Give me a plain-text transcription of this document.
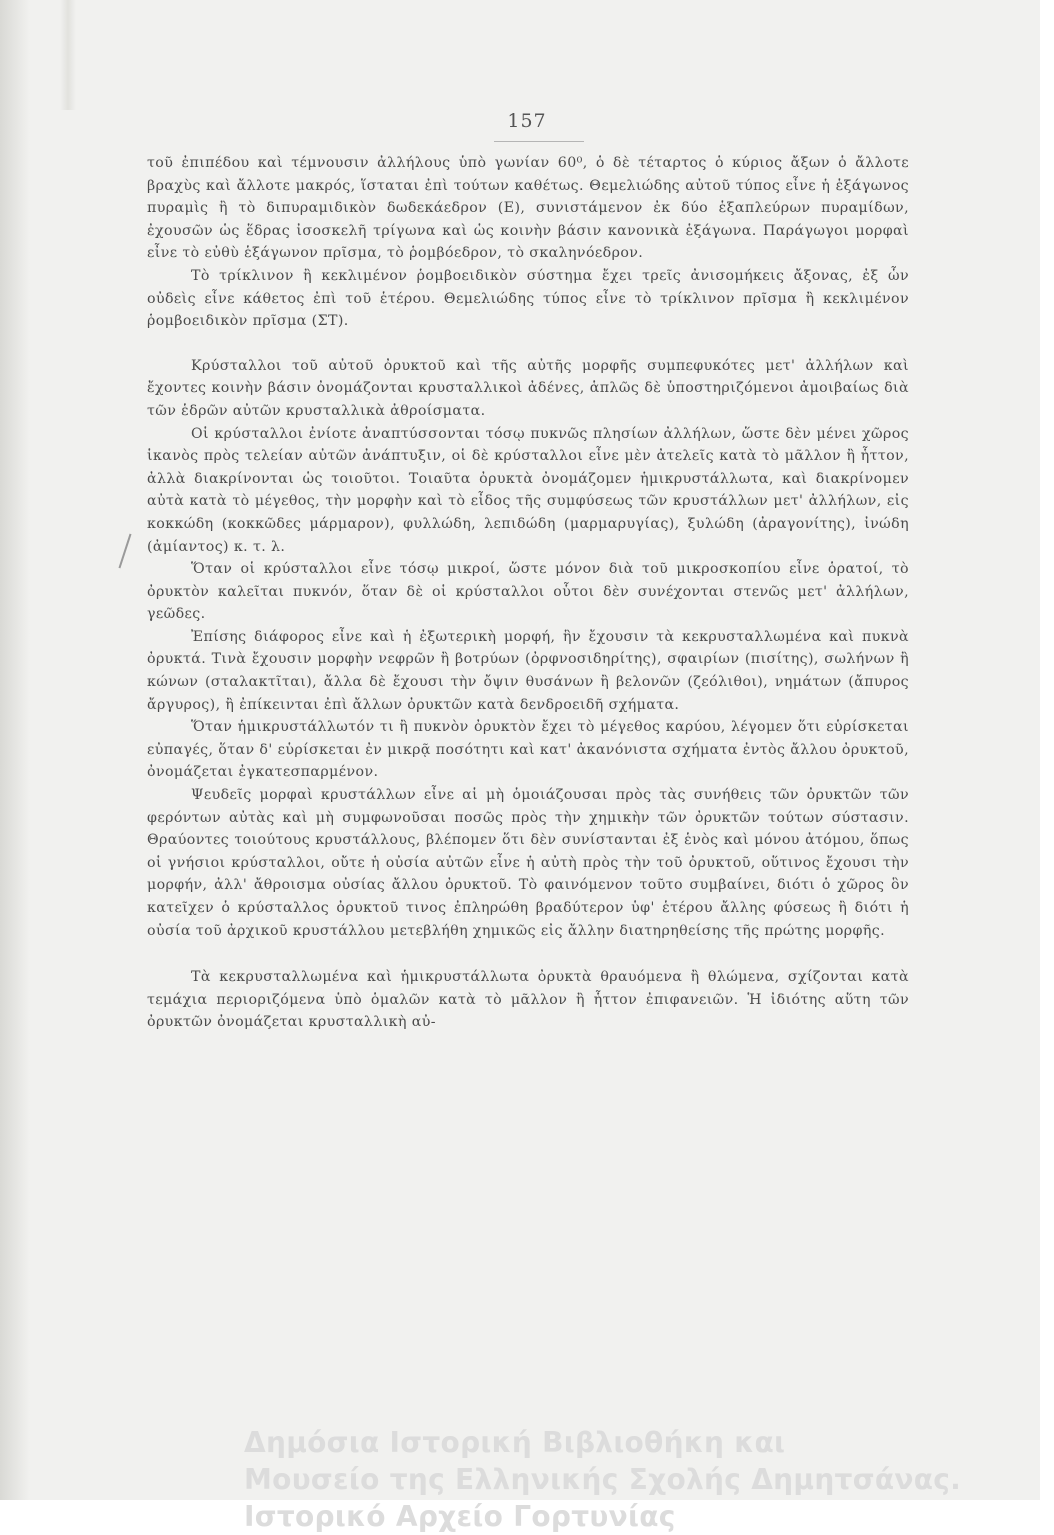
157

τοῦ ἐπιπέδου καὶ τέμνουσιν ἀλλήλους ὑπὸ γωνίαν 60⁰, ὁ δὲ τέταρτος ὁ κύριος ἄξων ὁ ἄλλοτε βραχὺς καὶ ἄλλοτε μακρός, ἵσταται ἐπὶ τούτων καθέτως. Θεμελιώδης αὐτοῦ τύπος εἶνε ἡ ἑξάγωνος πυραμὶς ἢ τὸ διπυραμιδικὸν δωδεκάεδρον (Ε), συνιστάμενον ἐκ δύο ἑξαπλεύρων πυραμίδων, ἐχουσῶν ὡς ἕδρας ἰσοσκελῆ τρίγωνα καὶ ὡς κοινὴν βάσιν κανονικὰ ἑξάγωνα. Παράγωγοι μορφαὶ εἶνε τὸ εὐθὺ ἑξάγωνον πρῖσμα, τὸ ῥομβόεδρον, τὸ σκαληνόεδρον.

Τὸ τρίκλινον ἢ κεκλιμένον ῥομβοειδικὸν σύστημα ἔχει τρεῖς ἀνισομήκεις ἄξονας, ἐξ ὧν οὐδεὶς εἶνε κάθετος ἐπὶ τοῦ ἑτέρου. Θεμελιώδης τύπος εἶνε τὸ τρίκλινον πρῖσμα ἢ κεκλιμένον ῥομβοειδικὸν πρῖσμα (ΣΤ).

Κρύσταλλοι τοῦ αὐτοῦ ὀρυκτοῦ καὶ τῆς αὐτῆς μορφῆς συμπεφυκότες μετ' ἀλλήλων καὶ ἔχοντες κοινὴν βάσιν ὀνομάζονται κρυσταλλικοὶ ἀδένες, ἁπλῶς δὲ ὑποστηριζόμενοι ἀμοιβαίως διὰ τῶν ἑδρῶν αὐτῶν κρυσταλλικὰ ἀθροίσματα.

Οἱ κρύσταλλοι ἐνίοτε ἀναπτύσσονται τόσῳ πυκνῶς πλησίων ἀλλήλων, ὥστε δὲν μένει χῶρος ἱκανὸς πρὸς τελείαν αὐτῶν ἀνάπτυξιν, οἱ δὲ κρύσταλλοι εἶνε μὲν ἀτελεῖς κατὰ τὸ μᾶλλον ἢ ἧττον, ἀλλὰ διακρίνονται ὡς τοιοῦτοι. Τοιαῦτα ὀρυκτὰ ὀνομάζομεν ἡμικρυστάλλωτα, καὶ διακρίνομεν αὐτὰ κατὰ τὸ μέγεθος, τὴν μορφὴν καὶ τὸ εἶδος τῆς συμφύσεως τῶν κρυστάλλων μετ' ἀλλήλων, εἰς κοκκώδη (κοκκῶδες μάρμαρον), φυλλώδη, λεπιδώδη (μαρμαρυγίας), ξυλώδη (ἀραγονίτης), ἰνώδη (ἀμίαντος) κ. τ. λ.

Ὅταν οἱ κρύσταλλοι εἶνε τόσῳ μικροί, ὥστε μόνον διὰ τοῦ μικροσκοπίου εἶνε ὁρατοί, τὸ ὀρυκτὸν καλεῖται πυκνόν, ὅταν δὲ οἱ κρύσταλλοι οὗτοι δὲν συνέχονται στενῶς μετ' ἀλλήλων, γεῶδες.

Ἐπίσης διάφορος εἶνε καὶ ἡ ἐξωτερικὴ μορφή, ἣν ἔχουσιν τὰ κεκρυσταλλωμένα καὶ πυκνὰ ὀρυκτά. Τινὰ ἔχουσιν μορφὴν νεφρῶν ἢ βοτρύων (ὀρφνοσιδηρίτης), σφαιρίων (πισίτης), σωλήνων ἢ κώνων (σταλακτῖται), ἄλλα δὲ ἔχουσι τὴν ὄψιν θυσάνων ἢ βελονῶν (ζεόλιθοι), νημάτων (ἄπυρος ἄργυρος), ἢ ἐπίκεινται ἐπὶ ἄλλων ὀρυκτῶν κατὰ δενδροειδῆ σχήματα.

Ὅταν ἡμικρυστάλλωτόν τι ἢ πυκνὸν ὀρυκτὸν ἔχει τὸ μέγεθος καρύου, λέγομεν ὅτι εὑρίσκεται εὐπαγές, ὅταν δ' εὑρίσκεται ἐν μικρᾷ ποσότητι καὶ κατ' ἀκανόνιστα σχήματα ἐντὸς ἄλλου ὀρυκτοῦ, ὀνομάζεται ἐγκατεσπαρμένον.

Ψευδεῖς μορφαὶ κρυστάλλων εἶνε αἱ μὴ ὁμοιάζουσαι πρὸς τὰς συνήθεις τῶν ὀρυκτῶν τῶν φερόντων αὐτὰς καὶ μὴ συμφωνοῦσαι ποσῶς πρὸς τὴν χημικὴν τῶν ὀρυκτῶν τούτων σύστασιν. Θραύοντες τοιούτους κρυστάλλους, βλέπομεν ὅτι δὲν συνίστανται ἐξ ἑνὸς καὶ μόνου ἀτόμου, ὅπως οἱ γνήσιοι κρύσταλλοι, οὔτε ἡ οὐσία αὐτῶν εἶνε ἡ αὐτὴ πρὸς τὴν τοῦ ὀρυκτοῦ, οὕτινος ἔχουσι τὴν μορφήν, ἀλλ' ἄθροισμα οὐσίας ἄλλου ὀρυκτοῦ. Τὸ φαινόμενον τοῦτο συμβαίνει, διότι ὁ χῶρος ὃν κατεῖχεν ὁ κρύσταλλος ὀρυκτοῦ τινος ἐπληρώθη βραδύτερον ὑφ' ἑτέρου ἄλλης φύσεως ἢ διότι ἡ οὐσία τοῦ ἀρχικοῦ κρυστάλλου μετεβλήθη χημικῶς εἰς ἄλλην διατηρηθείσης τῆς πρώτης μορφῆς.

Τὰ κεκρυσταλλωμένα καὶ ἡμικρυστάλλωτα ὀρυκτὰ θραυόμενα ἢ θλώμενα, σχίζονται κατὰ τεμάχια περιοριζόμενα ὑπὸ ὁμαλῶν κατὰ τὸ μᾶλλον ἢ ἧττον ἐπιφανειῶν. Ἡ ἰδιότης αὕτη τῶν ὀρυκτῶν ὀνομάζεται κρυσταλλικὴ αὐ-

Δημόσια Ιστορική Βιβλιοθήκη και
Μουσείο της Ελληνικής Σχολής Δημητσάνας.
Ιστορικό Αρχείο Γορτυνίας
